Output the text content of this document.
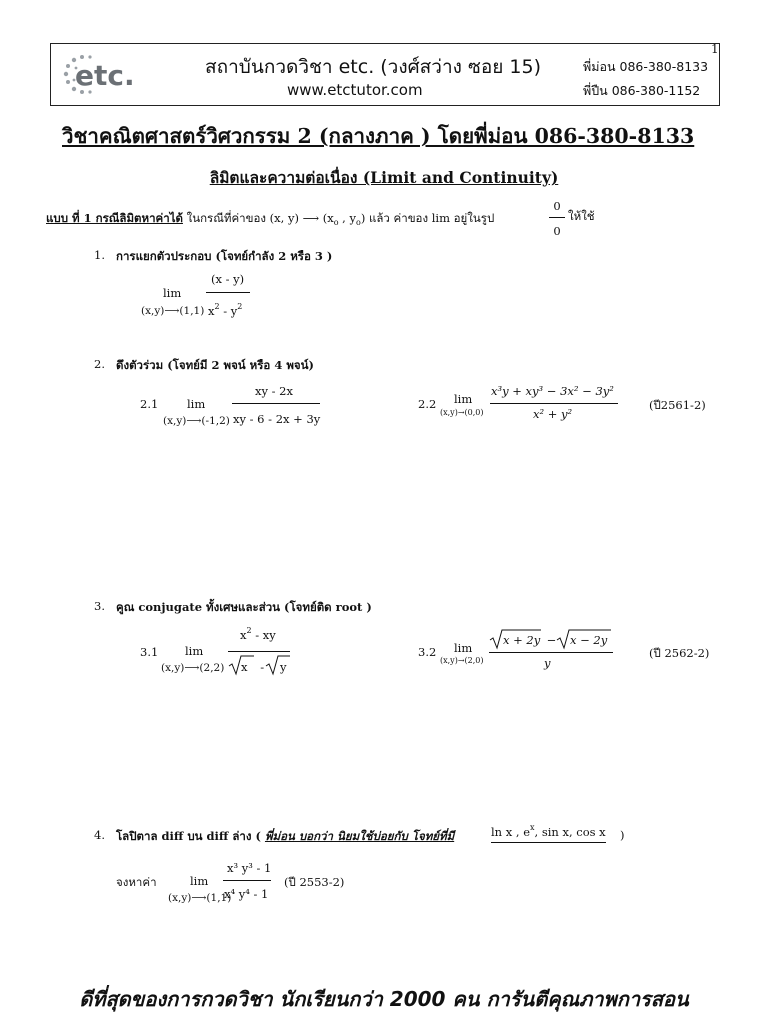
etc.	สถาบันกวดวิชา etc. (วงศ์สว่าง ซอย 15)
www.etctutor.com
พี่ม่อน 086-380-8133
พี่ปืน 086-380-1152
1
วิชาคณิตศาสตร์วิศวกรรม 2 (กลางภาค ) โดยพี่ม่อน 086-380-8133
ลิมิตและความต่อเนื่อง (Limit and Continuity)
แบบ ที่ 1 กรณีลิมิตหาค่าได้ ในกรณีที่ค่าของ (x, y) ⟶ ($x_o$ , $y_o$) แล้ว ค่าของ lim อยู่ในรูป
0
0
ให้ใช้
1. การแยกตัวประกอบ (โจทย์กำลัง 2 หรือ 3 )
lim
(x,y)⟶(1,1)
(x - y)
$x^2 - y^2$
2. ดึงตัวร่วม (โจทย์มี 2 พจน์ หรือ 4 พจน์)
2.1 lim
(x,y)⟶(-1,2)
xy - 2x
xy - 6 - 2x + 3y
2.2 lim
(x,y)→(0,0)
x³y + xy³ − 3x² − 3y²
x² + y²
(ปี2561-2)
3. คูณ conjugate ทั้งเศษและส่วน (โจทย์ติด root )
3.1 lim
(x,y)⟶(2,2)
$x^2$ - xy
x - y
3.2 lim
(x,y)→(2,0)
x + 2y − x − 2y
y
(ปี 2562-2)
4. โลปิตาล diff บน diff ล่าง ( พี่ม่อน บอกว่า นิยมใช้บ่อยกับ โจทย์ที่มี	ln x , $e^x$, sin x, cos x )
จงหาค่า	lim
(x,y)⟶(1,1)
x³ y³ - 1
x⁴ y⁴ - 1
(ปี 2553-2)
ดีที่สุดของการกวดวิชา นักเรียนกว่า 2000 คน การันตีคุณภาพการสอน
